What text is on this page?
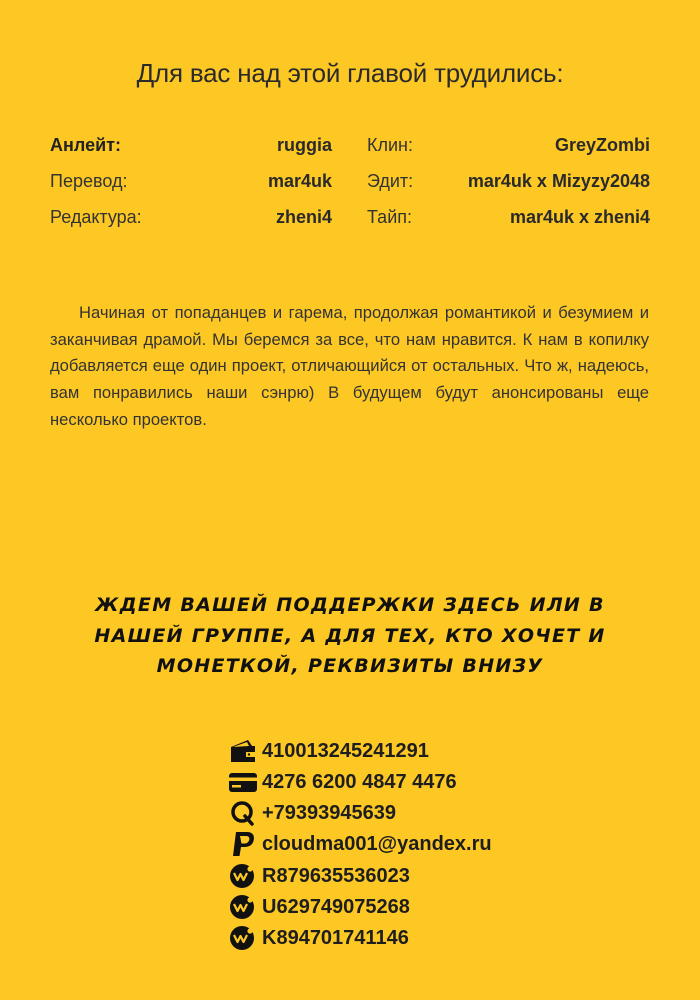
Для вас над этой главой трудились:
Анлейт:	ruggia
Перевод:	mar4uk
Редактура:	zheni4
Клин:	GreyZombi
Эдит:	mar4uk x Mizyzy2048
Тайп:	mar4uk x zheni4

Начиная от попаданцев и гарема, продолжая романтикой и безумием и заканчивая драмой. Мы беремся за все, что нам нравится. К нам в копилку добавляется еще один проект, отличающийся от остальных. Что ж, надеюсь, вам понравились наши сэнрю) В будущем будут анонсированы еще несколько проектов.

ЖДЕМ ВАШЕЙ ПОДДЕРЖКИ ЗДЕСЬ ИЛИ В НАШЕЙ ГРУППЕ, А ДЛЯ ТЕХ, КТО ХОЧЕТ И МОНЕТКОЙ, РЕКВИЗИТЫ ВНИЗУ

410013245241291
4276 6200 4847 4476
+79393945639
cloudma001@yandex.ru
R879635536023
U629749075268
K894701741146
